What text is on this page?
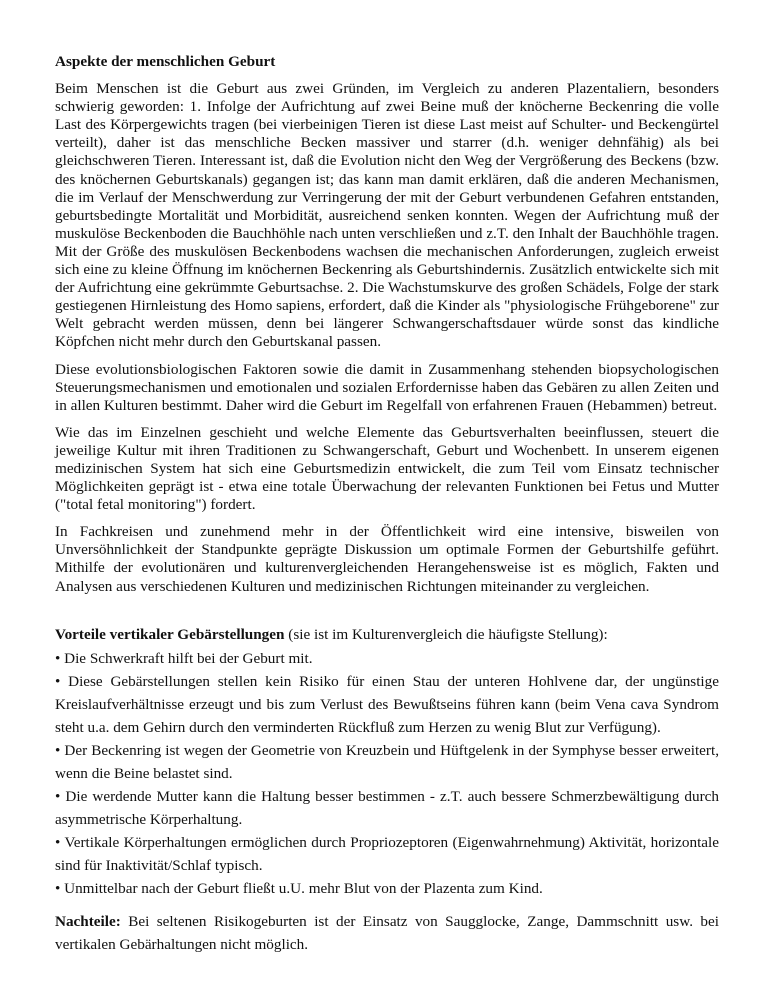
Aspekte der menschlichen Geburt

Beim Menschen ist die Geburt aus zwei Gründen, im Vergleich zu anderen Plazentaliern, besonders schwierig geworden: 1. Infolge der Aufrichtung auf zwei Beine muß der knöcherne Beckenring die volle Last des Körpergewichts tragen (bei vierbeinigen Tieren ist diese Last meist auf Schulter- und Beckengürtel verteilt), daher ist das menschliche Becken massiver und starrer (d.h. weniger dehnfähig) als bei gleichschweren Tieren. Interessant ist, daß die Evolution nicht den Weg der Vergrößerung des Beckens (bzw. des knöchernen Geburtskanals) gegangen ist; das kann man damit erklären, daß die anderen Mechanismen, die im Verlauf der Menschwerdung zur Verringerung der mit der Geburt verbundenen Gefahren entstanden, geburtsbedingte Mortalität und Morbidität, ausreichend senken konnten. Wegen der Aufrichtung muß der muskulöse Beckenboden die Bauchhöhle nach unten verschließen und z.T. den Inhalt der Bauchhöhle tragen. Mit der Größe des muskulösen Beckenbodens wachsen die mechanischen Anforderungen, zugleich erweist sich eine zu kleine Öffnung im knöchernen Beckenring als Geburtshindernis. Zusätzlich entwickelte sich mit der Aufrichtung eine gekrümmte Geburtsachse. 2. Die Wachstumskurve des großen Schädels, Folge der stark gestiegenen Hirnleistung des Homo sapiens, erfordert, daß die Kinder als "physiologische Frühgeborene" zur Welt gebracht werden müssen, denn bei längerer Schwangerschaftsdauer würde sonst das kindliche Köpfchen nicht mehr durch den Geburtskanal passen.

Diese evolutionsbiologischen Faktoren sowie die damit in Zusammenhang stehenden biopsychologischen Steuerungsmechanismen und emotionalen und sozialen Erfordernisse haben das Gebären zu allen Zeiten und in allen Kulturen bestimmt. Daher wird die Geburt im Regelfall von erfahrenen Frauen (Hebammen) betreut.

Wie das im Einzelnen geschieht und welche Elemente das Geburtsverhalten beeinflussen, steuert die jeweilige Kultur mit ihren Traditionen zu Schwangerschaft, Geburt und Wochenbett. In unserem eigenen medizinischen System hat sich eine Geburtsmedizin entwickelt, die zum Teil vom Einsatz technischer Möglichkeiten geprägt ist - etwa eine totale Überwachung der relevanten Funktionen bei Fetus und Mutter ("total fetal monitoring") fordert.

In Fachkreisen und zunehmend mehr in der Öffentlichkeit wird eine intensive, bisweilen von Unversöhnlichkeit der Standpunkte geprägte Diskussion um optimale Formen der Geburtshilfe geführt. Mithilfe der evolutionären und kulturenvergleichenden Herangehensweise ist es möglich, Fakten und Analysen aus verschiedenen Kulturen und medizinischen Richtungen miteinander zu vergleichen.

Vorteile vertikaler Gebärstellungen (sie ist im Kulturenvergleich die häufigste Stellung):
• Die Schwerkraft hilft bei der Geburt mit.
• Diese Gebärstellungen stellen kein Risiko für einen Stau der unteren Hohlvene dar, der ungünstige Kreislaufverhältnisse erzeugt und bis zum Verlust des Bewußtseins führen kann (beim Vena cava Syndrom steht u.a. dem Gehirn durch den verminderten Rückfluß zum Herzen zu wenig Blut zur Verfügung).
• Der Beckenring ist wegen der Geometrie von Kreuzbein und Hüftgelenk in der Symphyse besser erweitert, wenn die Beine belastet sind.
• Die werdende Mutter kann die Haltung besser bestimmen - z.T. auch bessere Schmerzbewältigung durch asymmetrische Körperhaltung.
• Vertikale Körperhaltungen ermöglichen durch Propriozeptoren (Eigenwahrnehmung) Aktivität, horizontale sind für Inaktivität/Schlaf typisch.
• Unmittelbar nach der Geburt fließt u.U. mehr Blut von der Plazenta zum Kind.
Nachteile: Bei seltenen Risikogeburten ist der Einsatz von Saugglocke, Zange, Dammschnitt usw. bei vertikalen Gebärhaltungen nicht möglich.
